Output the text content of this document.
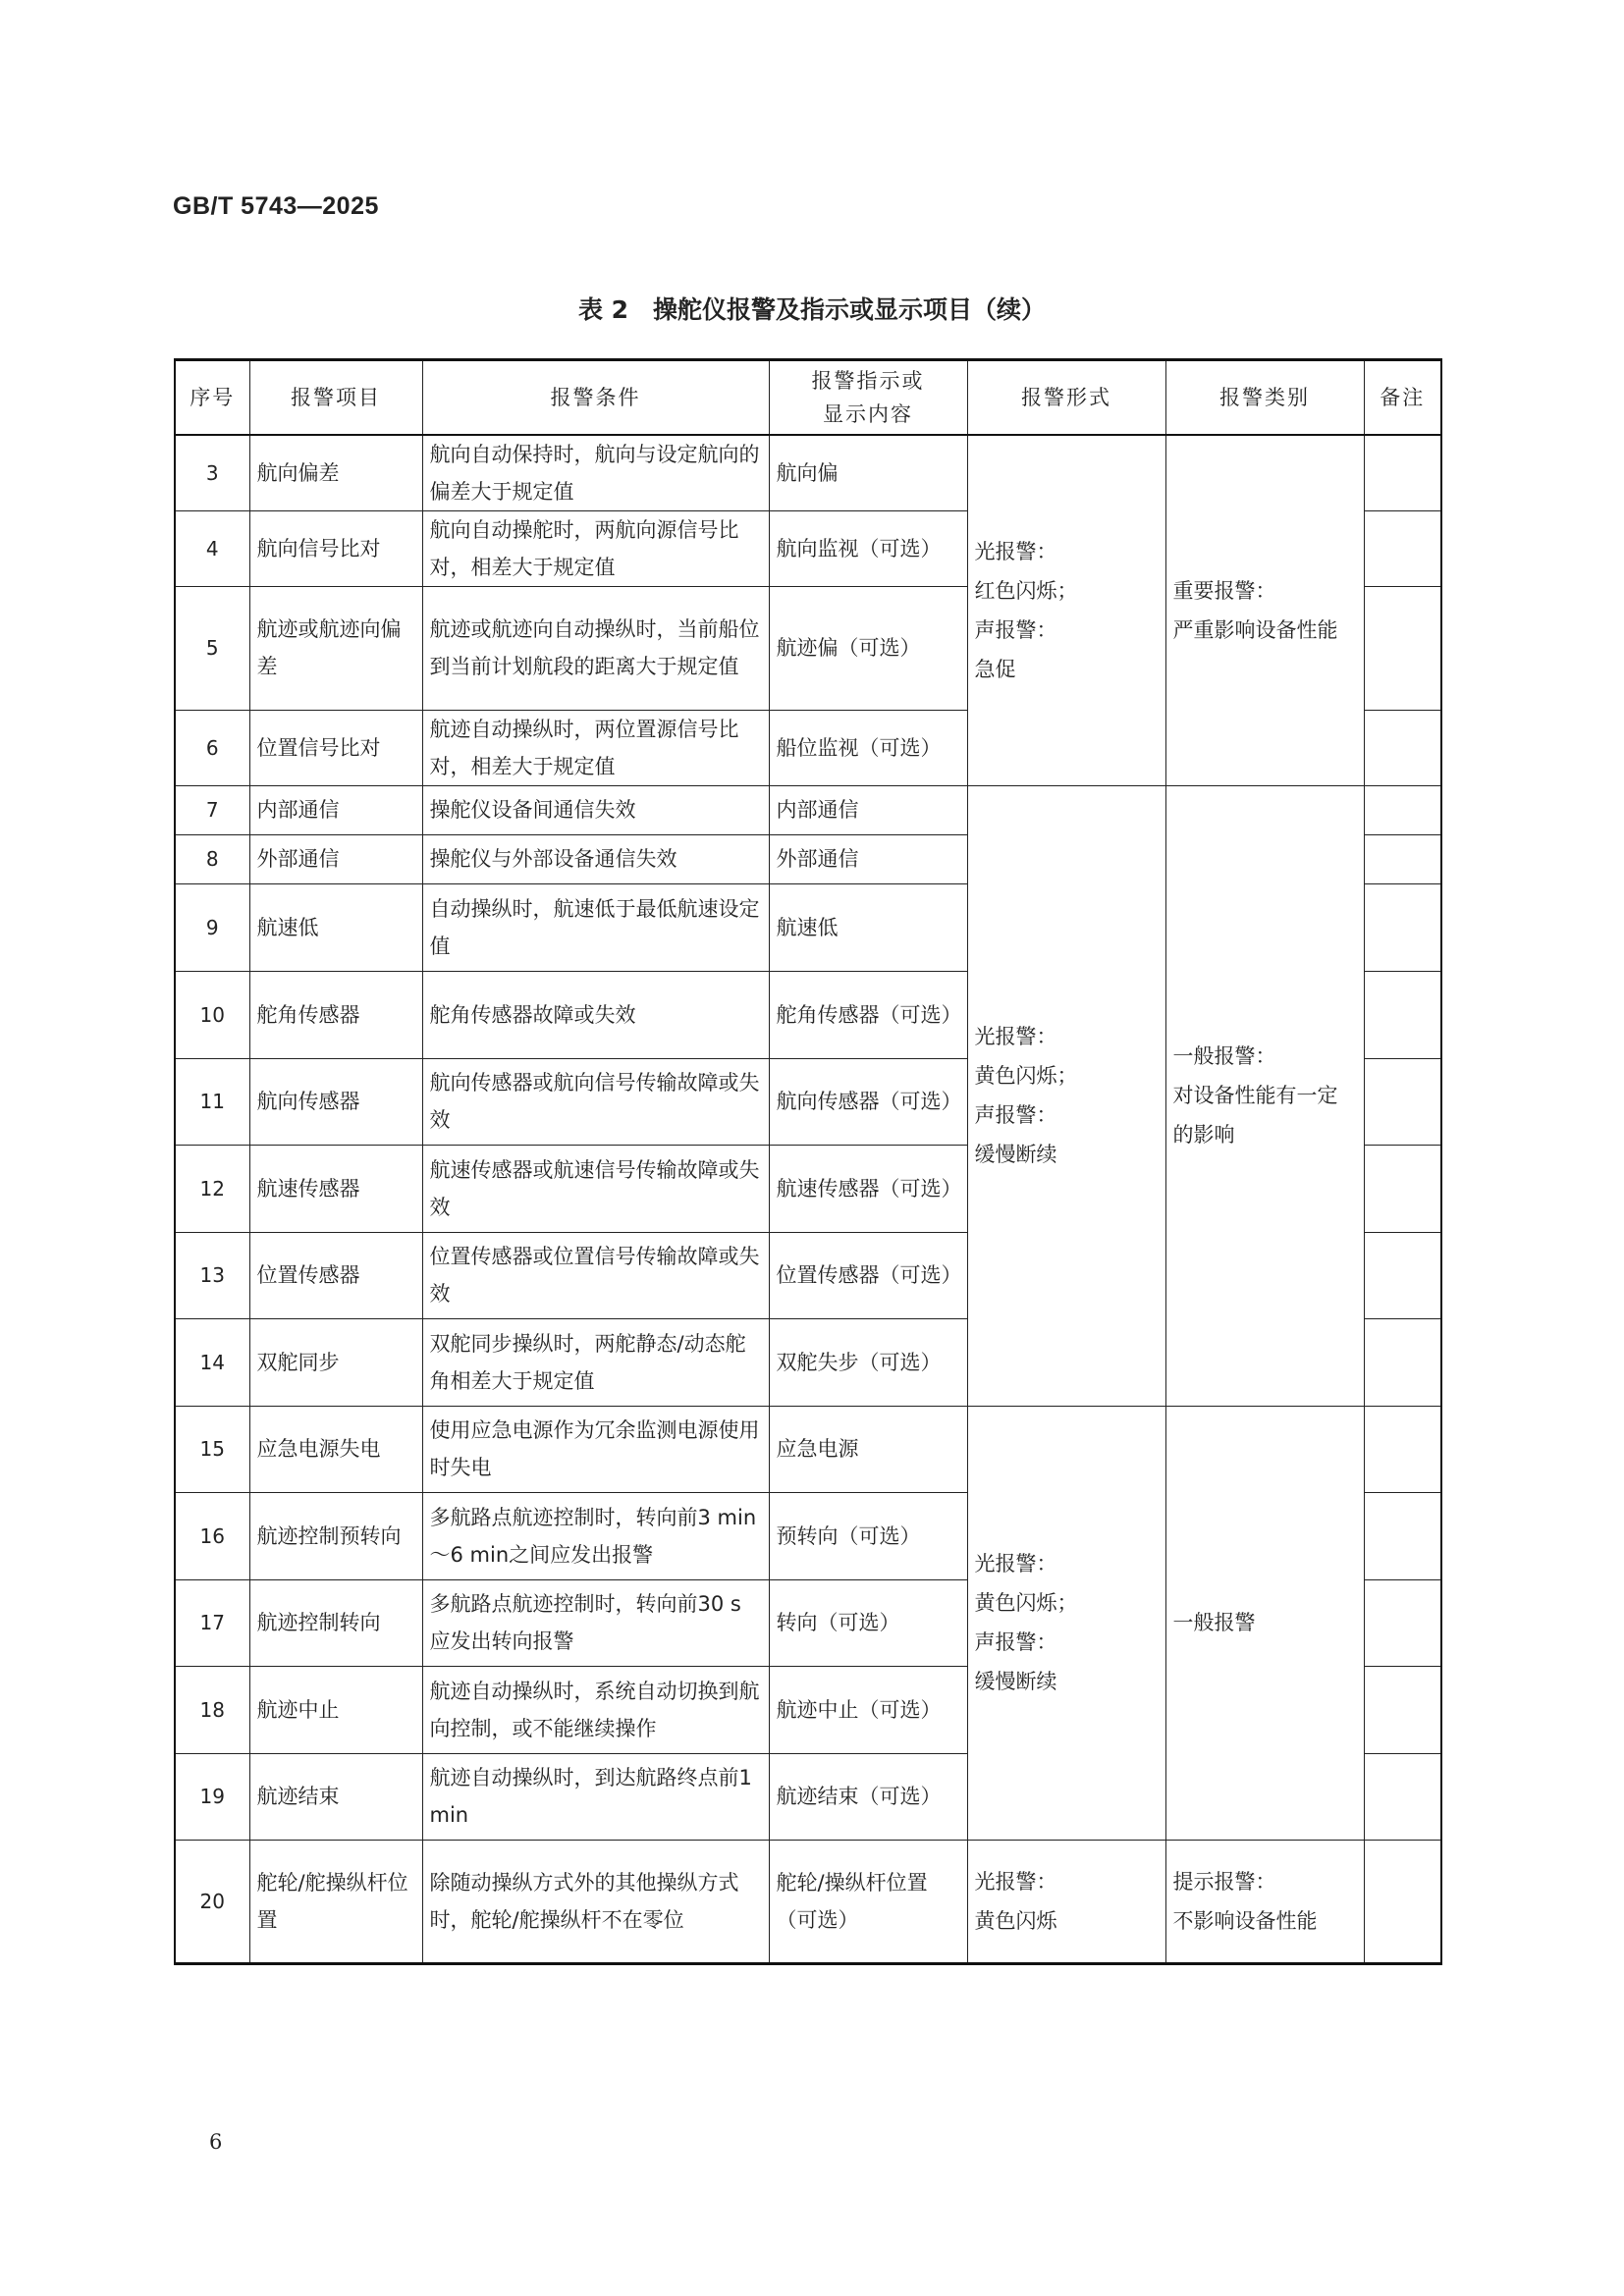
GB/T 5743—2025
表 2　操舵仪报警及指示或显示项目（续）
序号	报警项目	报警条件	报警指示或
显示内容	报警形式	报警类别	备注
3	航向偏差	航向自动保持时，航向与设定航向的偏差大于规定值	航向偏	光报警：
红色闪烁；
声报警：
急促	重要报警：
严重影响设备性能	
4	航向信号比对	航向自动操舵时，两航向源信号比对，相差大于规定值	航向监视（可选）			
5	航迹或航迹向偏差	航迹或航迹向自动操纵时，当前船位到当前计划航段的距离大于规定值	航迹偏（可选）			
6	位置信号比对	航迹自动操纵时，两位置源信号比对，相差大于规定值	船位监视（可选）			
7	内部通信	操舵仪设备间通信失效	内部通信	光报警：
黄色闪烁；
声报警：
缓慢断续	一般报警：
对设备性能有一定的影响	
8	外部通信	操舵仪与外部设备通信失效	外部通信			
9	航速低	自动操纵时，航速低于最低航速设定值	航速低			
10	舵角传感器	舵角传感器故障或失效	舵角传感器（可选）			
11	航向传感器	航向传感器或航向信号传输故障或失效	航向传感器（可选）			
12	航速传感器	航速传感器或航速信号传输故障或失效	航速传感器（可选）			
13	位置传感器	位置传感器或位置信号传输故障或失效	位置传感器（可选）			
14	双舵同步	双舵同步操纵时，两舵静态/动态舵角相差大于规定值	双舵失步（可选）			
15	应急电源失电	使用应急电源作为冗余监测电源使用时失电	应急电源	光报警：
黄色闪烁；
声报警：
缓慢断续	一般报警	
16	航迹控制预转向	多航路点航迹控制时，转向前3 min～6 min之间应发出报警	预转向（可选）			
17	航迹控制转向	多航路点航迹控制时，转向前30 s应发出转向报警	转向（可选）			
18	航迹中止	航迹自动操纵时，系统自动切换到航向控制，或不能继续操作	航迹中止（可选）			
19	航迹结束	航迹自动操纵时，到达航路终点前1 min	航迹结束（可选）			
20	舵轮/舵操纵杆位置	除随动操纵方式外的其他操纵方式时，舵轮/舵操纵杆不在零位	舵轮/操纵杆位置（可选）	光报警：
黄色闪烁	提示报警：
不影响设备性能	
6
